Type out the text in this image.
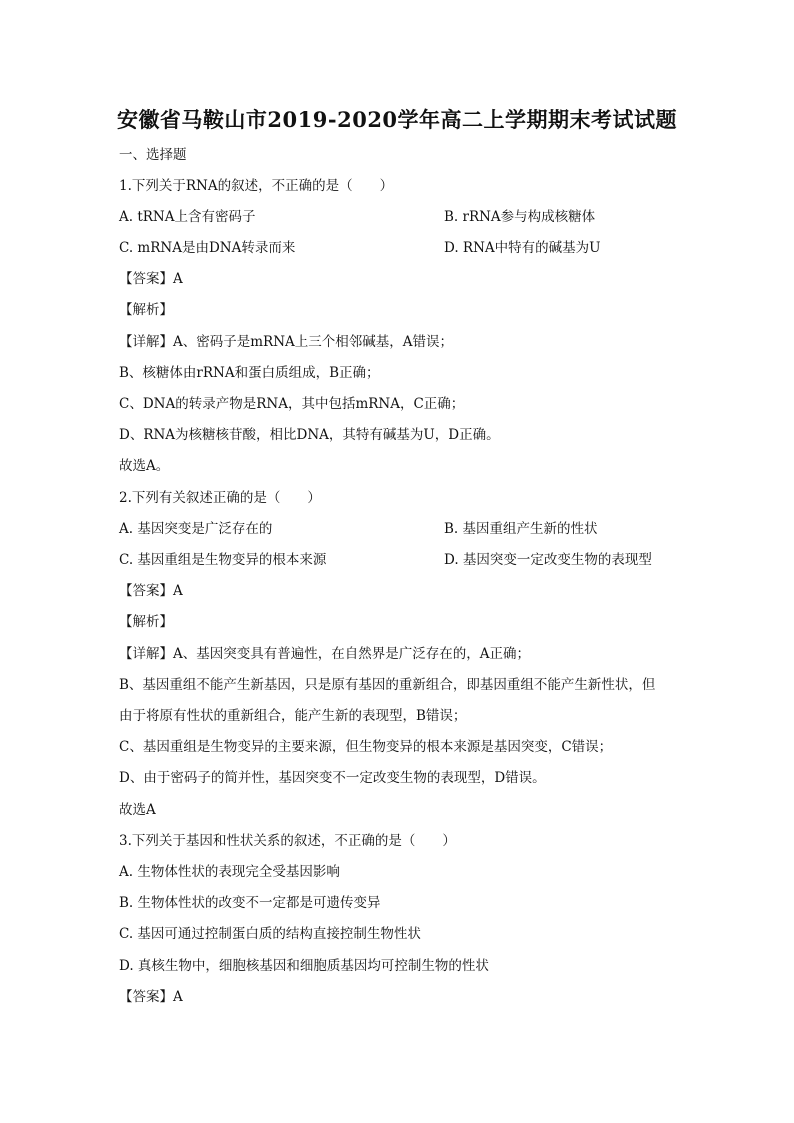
安徽省马鞍山市2019-2020学年高二上学期期末考试试题
一、选择题
1.下列关于RNA的叙述，不正确的是（　　）
A. tRNA上含有密码子	B. rRNA参与构成核糖体
C. mRNA是由DNA转录而来	D. RNA中特有的碱基为U
【答案】A
【解析】
【详解】A、密码子是mRNA上三个相邻碱基，A错误；
B、核糖体由rRNA和蛋白质组成，B正确；
C、DNA的转录产物是RNA，其中包括mRNA，C正确；
D、RNA为核糖核苷酸，相比DNA，其特有碱基为U，D正确。
故选A。
2.下列有关叙述正确的是（　　）
A. 基因突变是广泛存在的	B. 基因重组产生新的性状
C. 基因重组是生物变异的根本来源	D. 基因突变一定改变生物的表现型
【答案】A
【解析】
【详解】A、基因突变具有普遍性，在自然界是广泛存在的，A正确；
B、基因重组不能产生新基因，只是原有基因的重新组合，即基因重组不能产生新性状，但
由于将原有性状的重新组合，能产生新的表现型，B错误；
C、基因重组是生物变异的主要来源，但生物变异的根本来源是基因突变，C错误；
D、由于密码子的简并性，基因突变不一定改变生物的表现型，D错误。
故选A
3.下列关于基因和性状关系的叙述，不正确的是（　　）
A. 生物体性状的表现完全受基因影响
B. 生物体性状的改变不一定都是可遗传变异
C. 基因可通过控制蛋白质的结构直接控制生物性状
D. 真核生物中，细胞核基因和细胞质基因均可控制生物的性状
【答案】A
